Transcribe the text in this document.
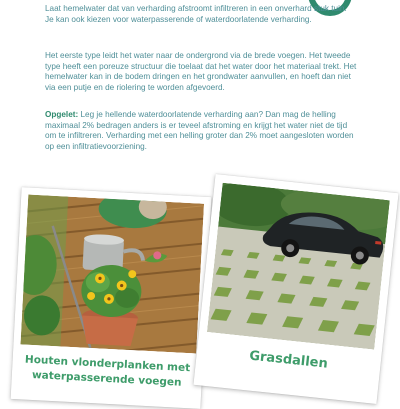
Laat hemelwater dat van verharding afstroomt infiltreren in een onverhard stuk tuin. Je kan ook kiezen voor waterpasserende of waterdoorlatende verharding.

Het eerste type leidt het water naar de ondergrond via de brede voegen. Het tweede type heeft een poreuze structuur die toelaat dat het water door het materiaal trekt. Het hemelwater kan in de bodem dringen en het grondwater aanvullen, en hoeft dan niet via een putje en de riolering te worden afgevoerd.

Opgelet: Leg je hellende waterdoorlatende verharding aan? Dan mag de helling maximaal 2% bedragen anders is er teveel afstroming en krijgt het water niet de tijd om te infiltreren. Verharding met een helling groter dan 2% moet aangesloten worden op een infiltratievoorziening.

Houten vlonderplanken met waterpasserende voegen
Grasdallen
